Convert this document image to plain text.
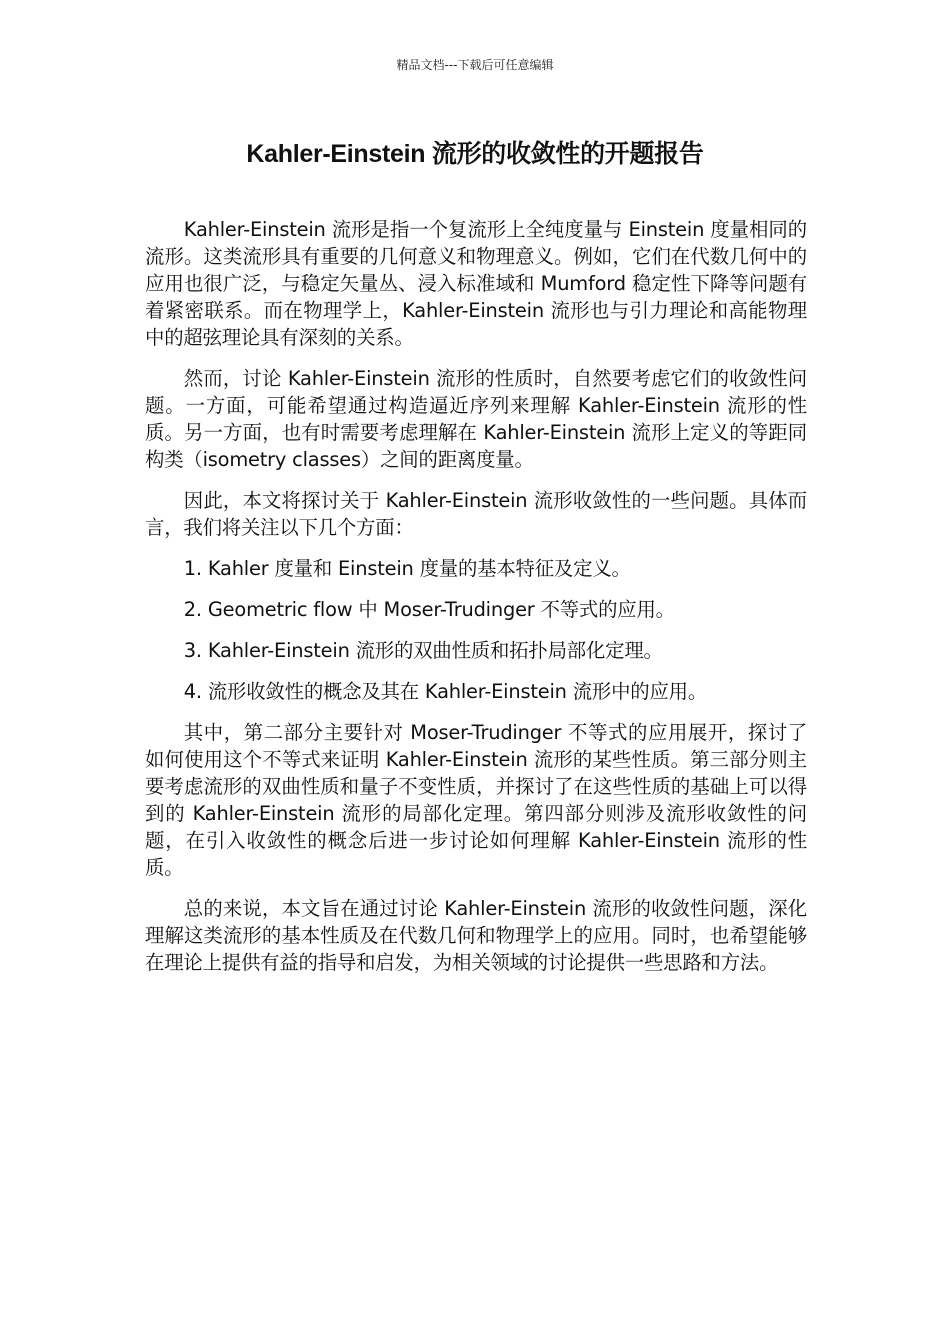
精品文档---下载后可任意编辑
Kahler-Einstein 流形的收敛性的开题报告

Kahler-Einstein 流形是指一个复流形上全纯度量与 Einstein 度量相同的流形。这类流形具有重要的几何意义和物理意义。例如，它们在代数几何中的应用也很广泛，与稳定矢量丛、浸入标准域和 Mumford 稳定性下降等问题有着紧密联系。而在物理学上，Kahler-Einstein 流形也与引力理论和高能物理中的超弦理论具有深刻的关系。

然而，讨论 Kahler-Einstein 流形的性质时，自然要考虑它们的收敛性问题。一方面，可能希望通过构造逼近序列来理解 Kahler-Einstein 流形的性质。另一方面，也有时需要考虑理解在 Kahler-Einstein 流形上定义的等距同构类（isometry classes）之间的距离度量。

因此，本文将探讨关于 Kahler-Einstein 流形收敛性的一些问题。具体而言，我们将关注以下几个方面：

1. Kahler 度量和 Einstein 度量的基本特征及定义。

2. Geometric flow 中 Moser-Trudinger 不等式的应用。

3. Kahler-Einstein 流形的双曲性质和拓扑局部化定理。

4. 流形收敛性的概念及其在 Kahler-Einstein 流形中的应用。

其中，第二部分主要针对 Moser-Trudinger 不等式的应用展开，探讨了如何使用这个不等式来证明 Kahler-Einstein 流形的某些性质。第三部分则主要考虑流形的双曲性质和量子不变性质，并探讨了在这些性质的基础上可以得到的 Kahler-Einstein 流形的局部化定理。第四部分则涉及流形收敛性的问题，在引入收敛性的概念后进一步讨论如何理解 Kahler-Einstein 流形的性质。

总的来说，本文旨在通过讨论 Kahler-Einstein 流形的收敛性问题，深化理解这类流形的基本性质及在代数几何和物理学上的应用。同时，也希望能够在理论上提供有益的指导和启发，为相关领域的讨论提供一些思路和方法。
